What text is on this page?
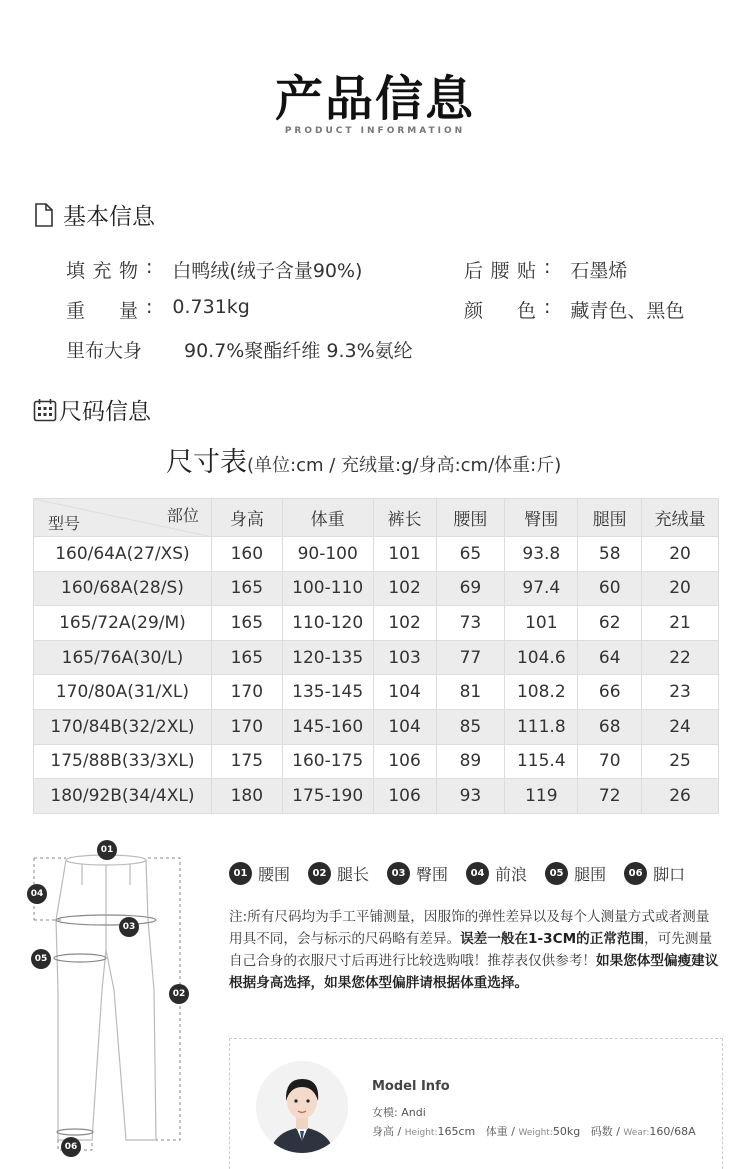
产品信息
PRODUCT INFORMATION
基本信息
填充物 : 白鸭绒(绒子含量90%)	后腰贴 : 石墨烯
重量 : 0.731kg	颜色 : 藏青色、黑色
里布大身	90.7%聚酯纤维 9.3%氨纶
尺码信息
尺寸表(单位:cm / 充绒量:g/身高:cm/体重:斤)
部位
型号	身高	体重	裤长	腰围	臀围	腿围	充绒量
160/64A(27/XS)	160	90-100	101	65	93.8	58	20
160/68A(28/S)	165	100-110	102	69	97.4	60	20
165/72A(29/M)	165	110-120	102	73	101	62	21
165/76A(30/L)	165	120-135	103	77	104.6	64	22
170/80A(31/XL)	170	135-145	104	81	108.2	66	23
170/84B(32/2XL)	170	145-160	104	85	111.8	68	24
175/88B(33/3XL)	175	160-175	106	89	115.4	70	25
180/92B(34/4XL)	180	175-190	106	93	119	72	26
01
02
03
04
05
06
01 腰围	02 腿长	03 臀围	04 前浪	05 腿围	06 脚口
注:所有尺码均为手工平铺测量，因服饰的弹性差异以及每个人测量方式或者测量用具不同，会与标示的尺码略有差异。误差一般在1-3CM的正常范围，可先测量自己合身的衣服尺寸后再进行比较选购哦！推荐表仅供参考！如果您体型偏瘦建议根据身高选择，如果您体型偏胖请根据体重选择。
Model Info
女模: Andi
身高 / Height:165cm 体重 / Weight:50kg 码数 / Wear:160/68A
